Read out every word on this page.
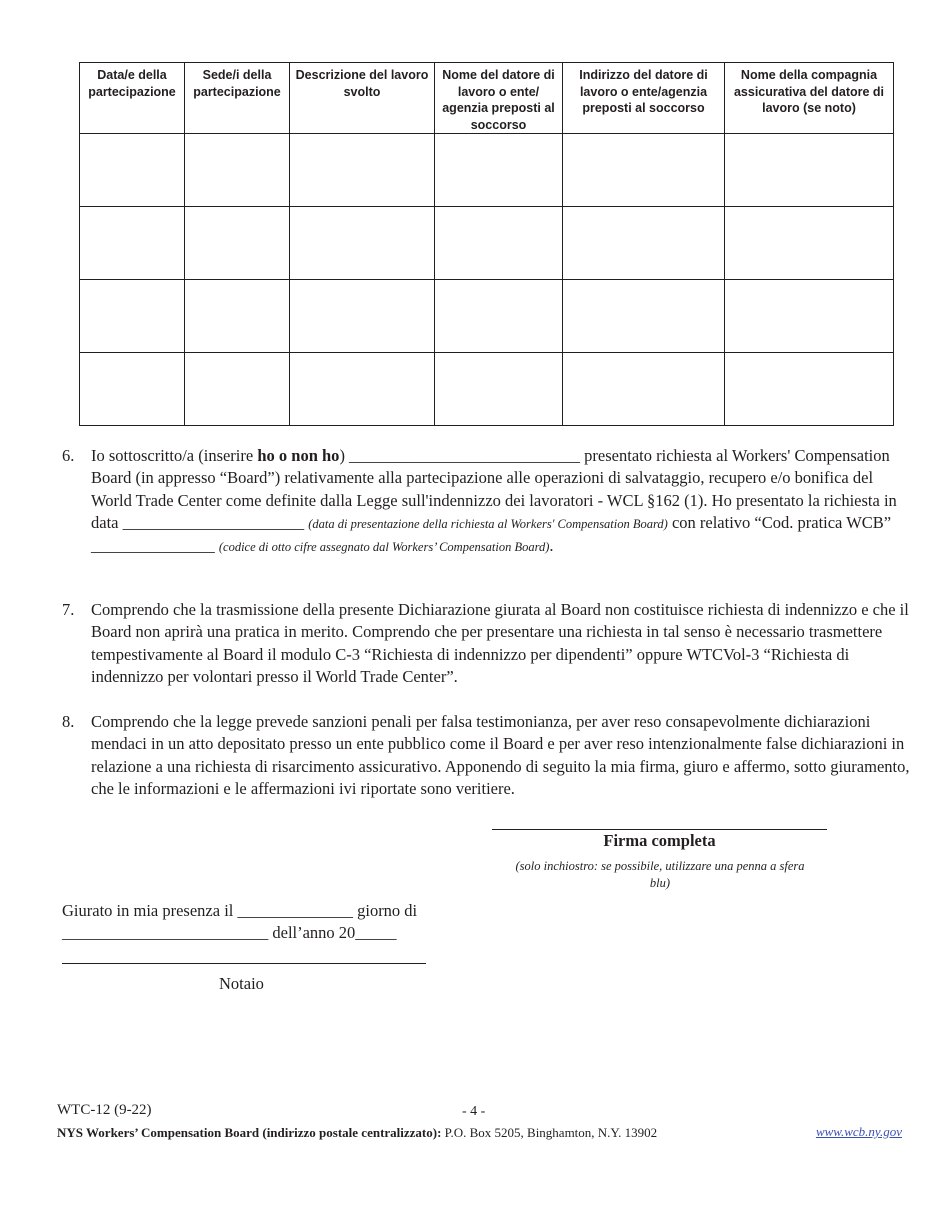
Data/e della partecipazione	Sede/i della partecipazione	Descrizione del lavoro svolto	Nome del datore di lavoro o ente/ agenzia preposti al soccorso	Indirizzo del datore di lavoro o ente/agenzia preposti al soccorso	Nome della compagnia assicurativa del datore di lavoro (se noto)

6. Io sottoscritto/a (inserire ho o non ho) ____________________________ presentato richiesta al Workers' Compensation Board (in appresso “Board”) relativamente alla partecipazione alle operazioni di salvataggio, recupero e/o bonifica del World Trade Center come definite dalla Legge sull'indennizzo dei lavoratori - WCL §162 (1). Ho presentato la richiesta in data ______________________ (data di presentazione della richiesta al Workers' Compensation Board) con relativo “Cod. pratica WCB” _______________ (codice di otto cifre assegnato dal Workers’ Compensation Board).
7. Comprendo che la trasmissione della presente Dichiarazione giurata al Board non costituisce richiesta di indennizzo e che il Board non aprirà una pratica in merito. Comprendo che per presentare una richiesta in tal senso è necessario trasmettere tempestivamente al Board il modulo C-3 “Richiesta di indennizzo per dipendenti” oppure WTCVol-3 “Richiesta di indennizzo per volontari presso il World Trade Center”.
8. Comprendo che la legge prevede sanzioni penali per falsa testimonianza, per aver reso consapevolmente dichiarazioni mendaci in un atto depositato presso un ente pubblico come il Board e per aver reso intenzionalmente false dichiarazioni in relazione a una richiesta di risarcimento assicurativo. Apponendo di seguito la mia firma, giuro e affermo, sotto giuramento, che le informazioni e le affermazioni ivi riportate sono veritiere.
Firma completa
(solo inchiostro: se possibile, utilizzare una penna a sfera blu)
Giurato in mia presenza il ______________ giorno di
_________________________ dell’anno 20_____
Notaio
WTC-12 (9-22)	- 4 -
NYS Workers’ Compensation Board (indirizzo postale centralizzato): P.O. Box 5205, Binghamton, N.Y. 13902	www.wcb.ny.gov
